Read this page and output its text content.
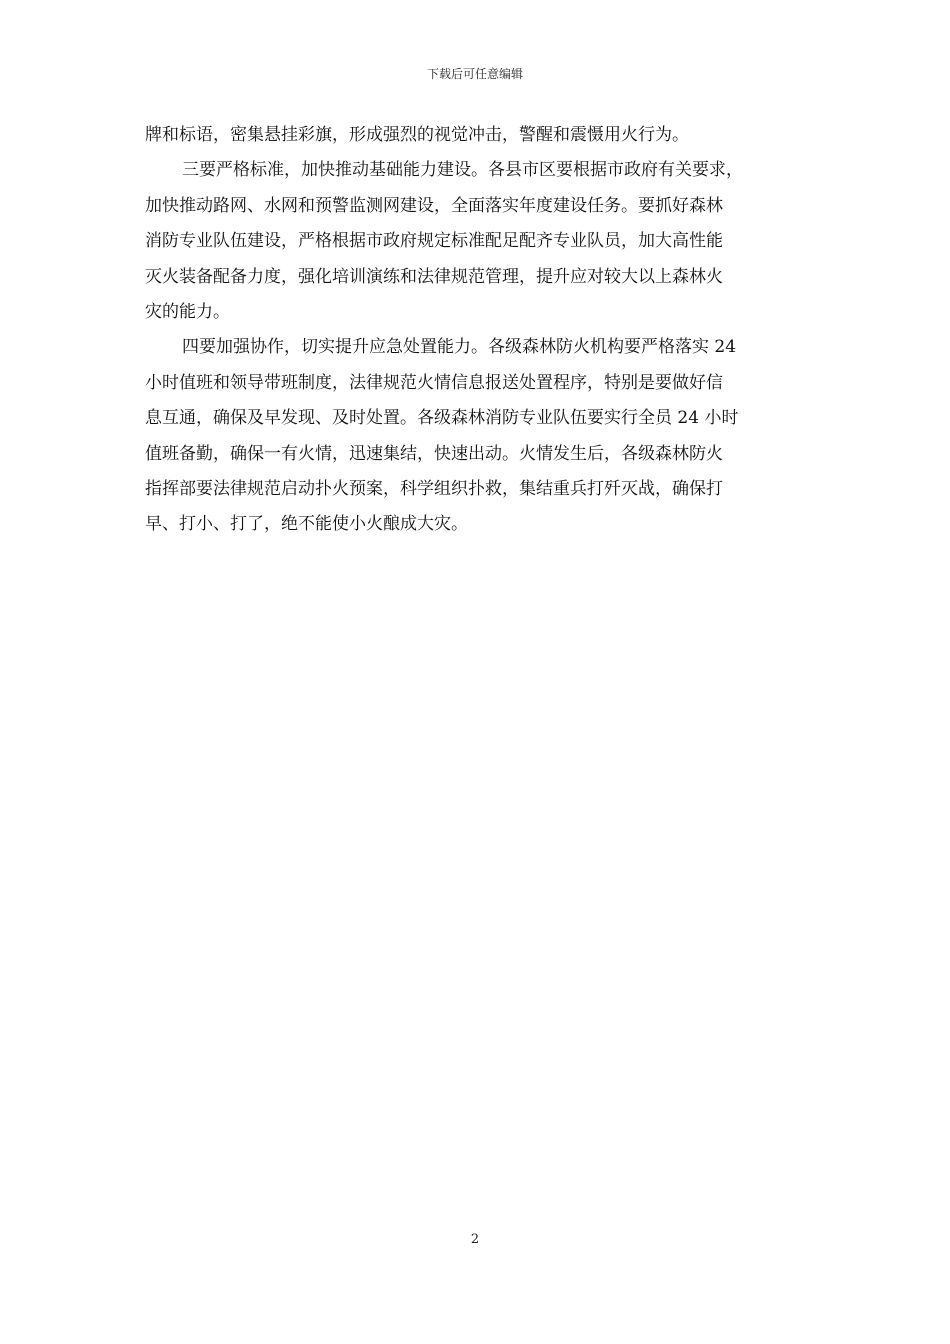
下载后可任意编辑
牌和标语，密集悬挂彩旗，形成强烈的视觉冲击，警醒和震慑用火行为。
三要严格标准，加快推动基础能力建设。各县市区要根据市政府有关要求，
加快推动路网、水网和预警监测网建设，全面落实年度建设任务。要抓好森林
消防专业队伍建设，严格根据市政府规定标准配足配齐专业队员，加大高性能
灭火装备配备力度，强化培训演练和法律规范管理，提升应对较大以上森林火
灾的能力。
四要加强协作，切实提升应急处置能力。各级森林防火机构要严格落实 24
小时值班和领导带班制度，法律规范火情信息报送处置程序，特别是要做好信
息互通，确保及早发现、及时处置。各级森林消防专业队伍要实行全员 24 小时
值班备勤，确保一有火情，迅速集结，快速出动。火情发生后，各级森林防火
指挥部要法律规范启动扑火预案，科学组织扑救，集结重兵打歼灭战，确保打
早、打小、打了，绝不能使小火酿成大灾。
2
